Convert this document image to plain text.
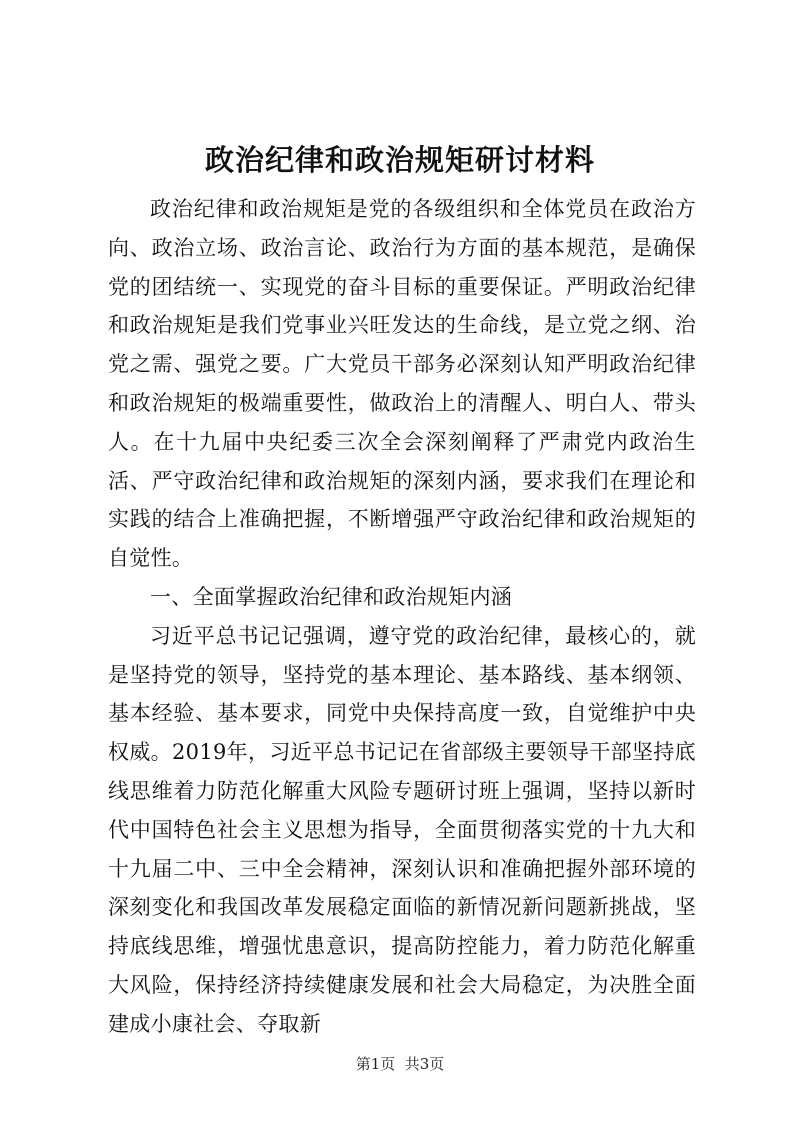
政治纪律和政治规矩研讨材料

政治纪律和政治规矩是党的各级组织和全体党员在政治方向、政治立场、政治言论、政治行为方面的基本规范，是确保党的团结统一、实现党的奋斗目标的重要保证。严明政治纪律和政治规矩是我们党事业兴旺发达的生命线，是立党之纲、治党之需、强党之要。广大党员干部务必深刻认知严明政治纪律和政治规矩的极端重要性，做政治上的清醒人、明白人、带头人。在十九届中央纪委三次全会深刻阐释了严肃党内政治生活、严守政治纪律和政治规矩的深刻内涵，要求我们在理论和实践的结合上准确把握，不断增强严守政治纪律和政治规矩的自觉性。

一、全面掌握政治纪律和政治规矩内涵

习近平总书记记强调，遵守党的政治纪律，最核心的，就是坚持党的领导，坚持党的基本理论、基本路线、基本纲领、基本经验、基本要求，同党中央保持高度一致，自觉维护中央权威。2019年，习近平总书记记在省部级主要领导干部坚持底线思维着力防范化解重大风险专题研讨班上强调，坚持以新时代中国特色社会主义思想为指导，全面贯彻落实党的十九大和十九届二中、三中全会精神，深刻认识和准确把握外部环境的深刻变化和我国改革发展稳定面临的新情况新问题新挑战，坚持底线思维，增强忧患意识，提高防控能力，着力防范化解重大风险，保持经济持续健康发展和社会大局稳定，为决胜全面建成小康社会、夺取新

第1页  共3页
